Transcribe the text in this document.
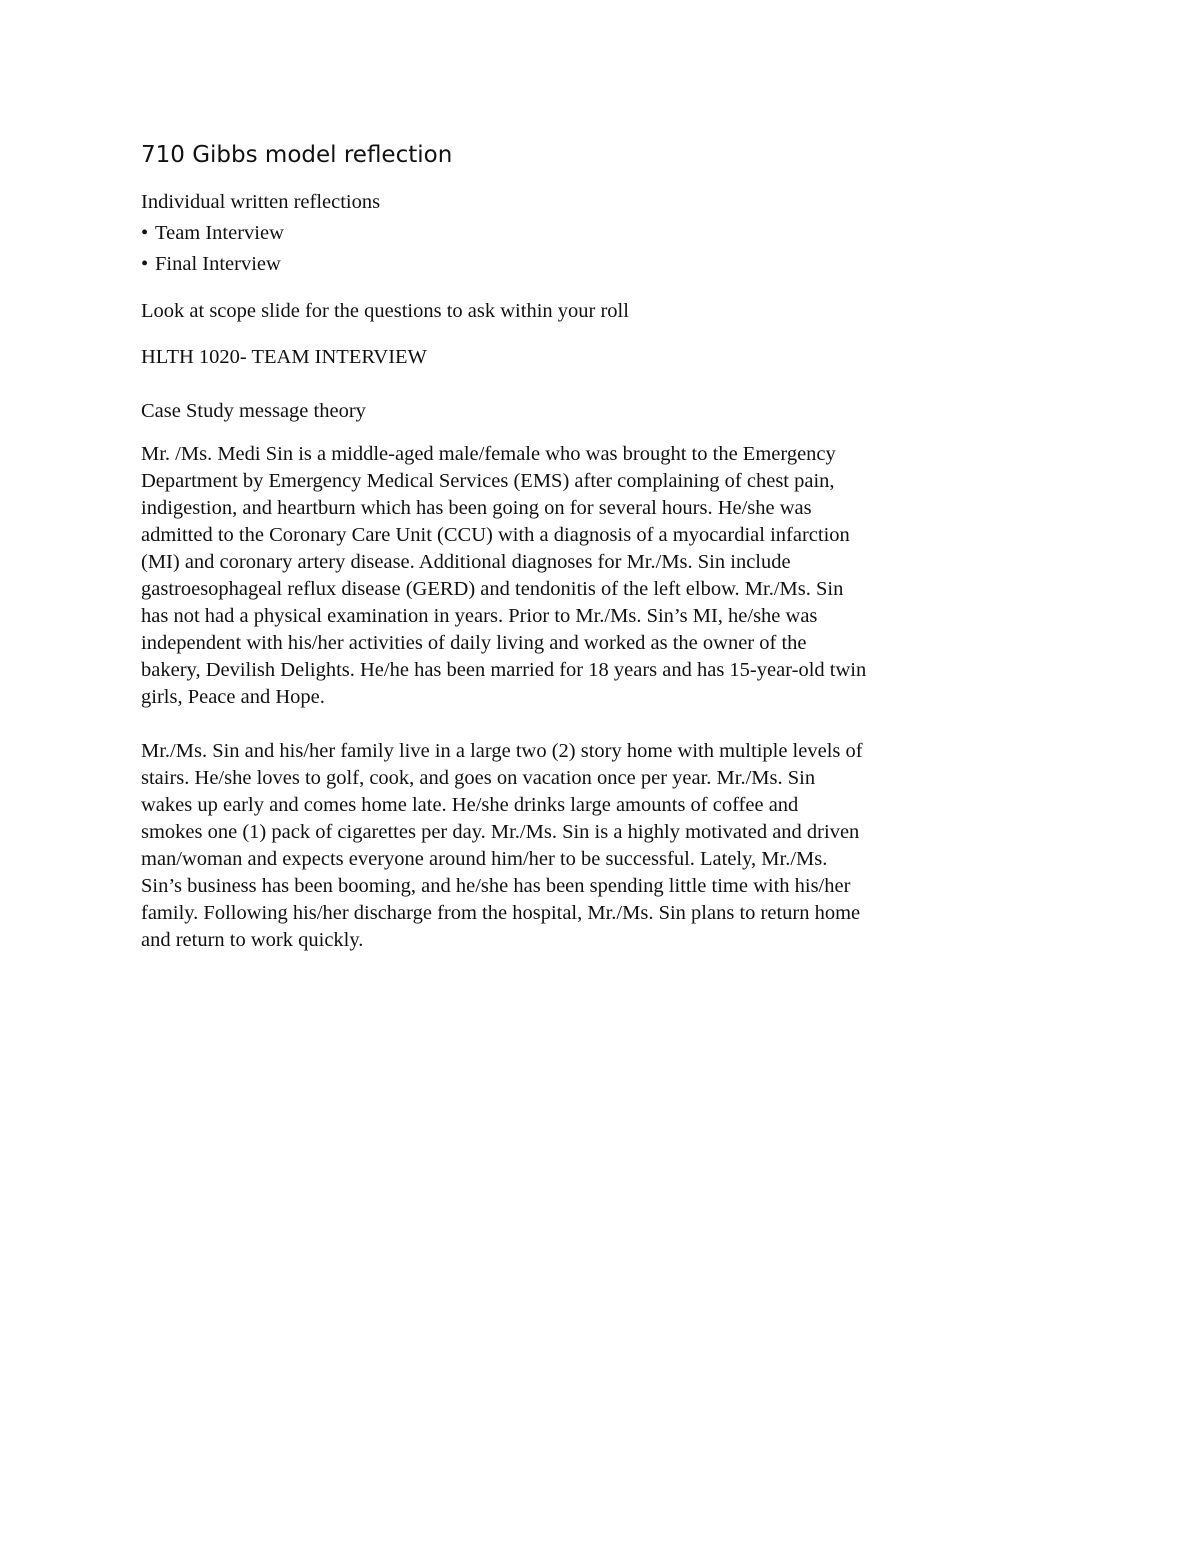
710 Gibbs model reflection

Individual written reflections

• Team Interview
• Final Interview

Look at scope slide for the questions to ask within your roll

HLTH 1020- TEAM INTERVIEW

Case Study message theory

Mr. /Ms. Medi Sin is a middle-aged male/female who was brought to the Emergency
Department by Emergency Medical Services (EMS) after complaining of chest pain,
indigestion, and heartburn which has been going on for several hours. He/she was
admitted to the Coronary Care Unit (CCU) with a diagnosis of a myocardial infarction
(MI) and coronary artery disease. Additional diagnoses for Mr./Ms. Sin include
gastroesophageal reflux disease (GERD) and tendonitis of the left elbow. Mr./Ms. Sin
has not had a physical examination in years. Prior to Mr./Ms. Sin’s MI, he/she was
independent with his/her activities of daily living and worked as the owner of the
bakery, Devilish Delights. He/he has been married for 18 years and has 15-year-old twin
girls, Peace and Hope.

Mr./Ms. Sin and his/her family live in a large two (2) story home with multiple levels of
stairs. He/she loves to golf, cook, and goes on vacation once per year. Mr./Ms. Sin
wakes up early and comes home late. He/she drinks large amounts of coffee and
smokes one (1) pack of cigarettes per day. Mr./Ms. Sin is a highly motivated and driven
man/woman and expects everyone around him/her to be successful. Lately, Mr./Ms.
Sin’s business has been booming, and he/she has been spending little time with his/her
family. Following his/her discharge from the hospital, Mr./Ms. Sin plans to return home
and return to work quickly.
